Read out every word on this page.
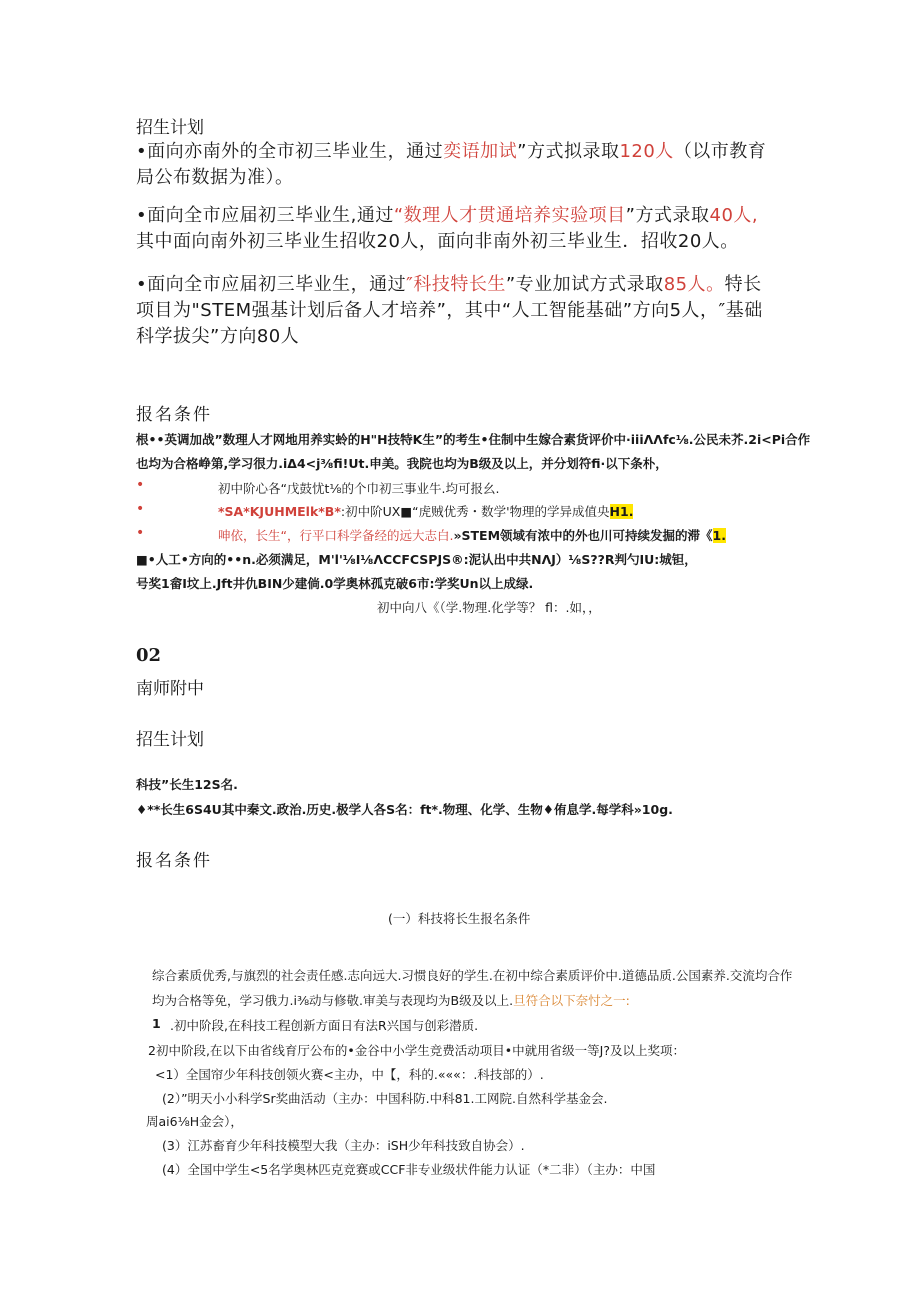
招生计划
•面向亦南外的全市初三毕业生，通过奕语加试”方式拟录取120人（以市教育局公布数据为准）。
•面向全市应届初三毕业生,通过“数理人才贯通培养实验项目”方式录取40人,其中面向南外初三毕业生招收20人，面向非南外初三毕业生．招收20人。
•面向全市应届初三毕业生，通过″科技特长生”专业加试方式录取85人。特长项目为"STEM强基计划后备人才培养”，其中“人工智能基础”方向5人，″基础科学拔尖”方向80人
报名条件
根••英调加战”数理人才网地用养实蛉的H"H技特K生”的考生•住制中生嫁合素货评价中·iiiΛΛfc⅛.公民未芥.2i<Pi合作
也均为合格峥第,学习很力.iΔ4<j⅜fi!Ut.申美。我院也均为B级及以上，并分划符fi·以下条朴，
•	初中阶心各“戊鼓忧t⅛的个巾初三事业牛.均可报幺.
•	*SA*KJUHMElk*B*:初中阶UX■“虎贼优秀・数学'物理的学异成值央H1.
•	呻依，长生“，行平口科学备经的远大志白.»STEM领域有浓中的外也川可持续发掘的滞《1.
■•人工•方向的••n.必须满足，M'l'⅛I⅛ΛCCFCSPJS®:泥认出中共NΛJ）⅛S??R判勺IU:城钽，
号奖1畲I坟上.Jft井仇BIN少建倘.0学奥林孤克破6市:学奖Un以上成绿.
初中向八《（学.物理.化学等？ fl：.如，，
02
南师附中
招生计划
科技”长生12S名.
♦**长生6S4U其中秦文.政治.历史.极学人各S名：ft*.物理、化学、生物♦侑息学.每学科»10g.
报名条件
(一）科技将长生报名条件
综合素质优秀,与旗烈的社会责任感.志向远大.习惯良好的学生.在初中综合素质评价中.道德品质.公国素养.交流均合作
均为合格等免，学习俄力.i⅜动与修敬.审美与表现均为B级及以上.旦符合以下奈忖之一:
1 .初中阶段,在科技工程创新方面日有法R兴国与创彩潜质.
2初中阶段,在以下由省线育厅公布的•金谷中小学生竞费活动项目•中就用省级一等J?及以上奖项：
<1）全国帘少年科技创领火赛<主办，中【，科的.«««：.科技部的）.
(2）”明天小小科学Sr奖曲活动（主办：中国科防.中科81.工网院.自然科学基金会.
周ai6⅛H金会），
(3）江苏畜育少年科技模型大我（主办：iSH少年科技致自协会）.
(4）全国中学生<5名学奥林匹克竞赛或CCF非专业级状件能力认证（*二非）（主办：中国
